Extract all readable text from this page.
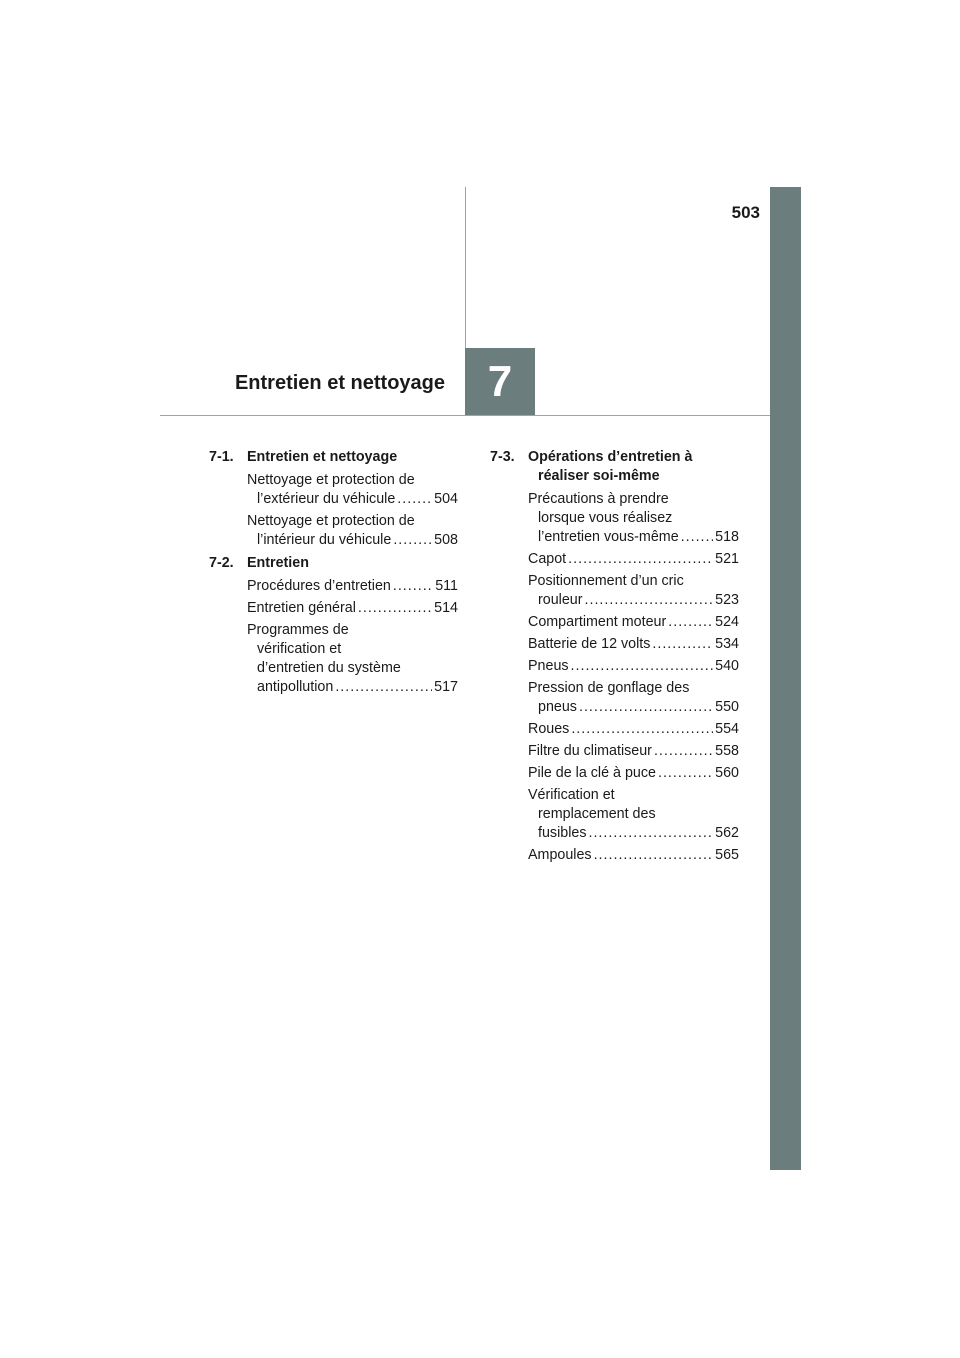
503
7
Entretien et nettoyage
7-1. Entretien et nettoyage
Nettoyage et protection de
l’extérieur du véhicule .....	504
Nettoyage et protection de
l’intérieur du véhicule .....	508
7-2. Entretien
Procédures d’entretien .....	511
Entretien général .....	514
Programmes de
vérification et
d’entretien du système
antipollution .....	517
7-3. Opérations d’entretien à
réaliser soi-même
Précautions à prendre
lorsque vous réalisez
l’entretien vous-même .....	518
Capot .....	521
Positionnement d’un cric
rouleur .....	523
Compartiment moteur .....	524
Batterie de 12 volts .....	534
Pneus .....	540
Pression de gonflage des
pneus .....	550
Roues .....	554
Filtre du climatiseur .....	558
Pile de la clé à puce .....	560
Vérification et
remplacement des
fusibles .....	562
Ampoules .....	565
